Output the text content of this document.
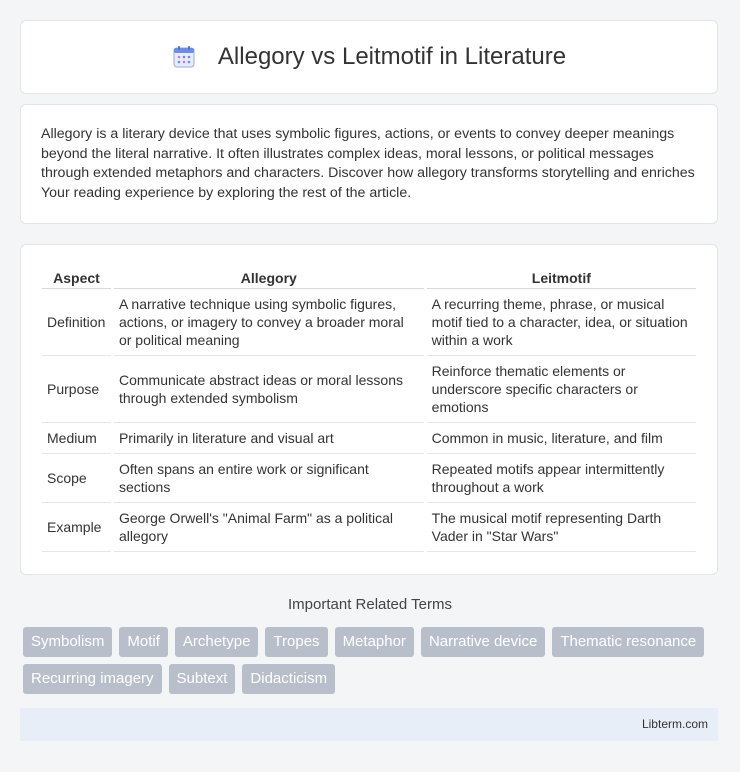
Allegory vs Leitmotif in Literature

Allegory is a literary device that uses symbolic figures, actions, or events to convey deeper meanings beyond the literal narrative. It often illustrates complex ideas, moral lessons, or political messages through extended metaphors and characters. Discover how allegory transforms storytelling and enriches Your reading experience by exploring the rest of the article.

Aspect	Allegory	Leitmotif
Definition	A narrative technique using symbolic figures, actions, or imagery to convey a broader moral or political meaning	A recurring theme, phrase, or musical motif tied to a character, idea, or situation within a work
Purpose	Communicate abstract ideas or moral lessons through extended symbolism	Reinforce thematic elements or underscore specific characters or emotions
Medium	Primarily in literature and visual art	Common in music, literature, and film
Scope	Often spans an entire work or significant sections	Repeated motifs appear intermittently throughout a work
Example	George Orwell's "Animal Farm" as a political allegory	The musical motif representing Darth Vader in "Star Wars"
Important Related Terms
Symbolism	Motif	Archetype	Tropes	Metaphor	Narrative device	Thematic resonance
Recurring imagery	Subtext	Didacticism
Libterm.com
